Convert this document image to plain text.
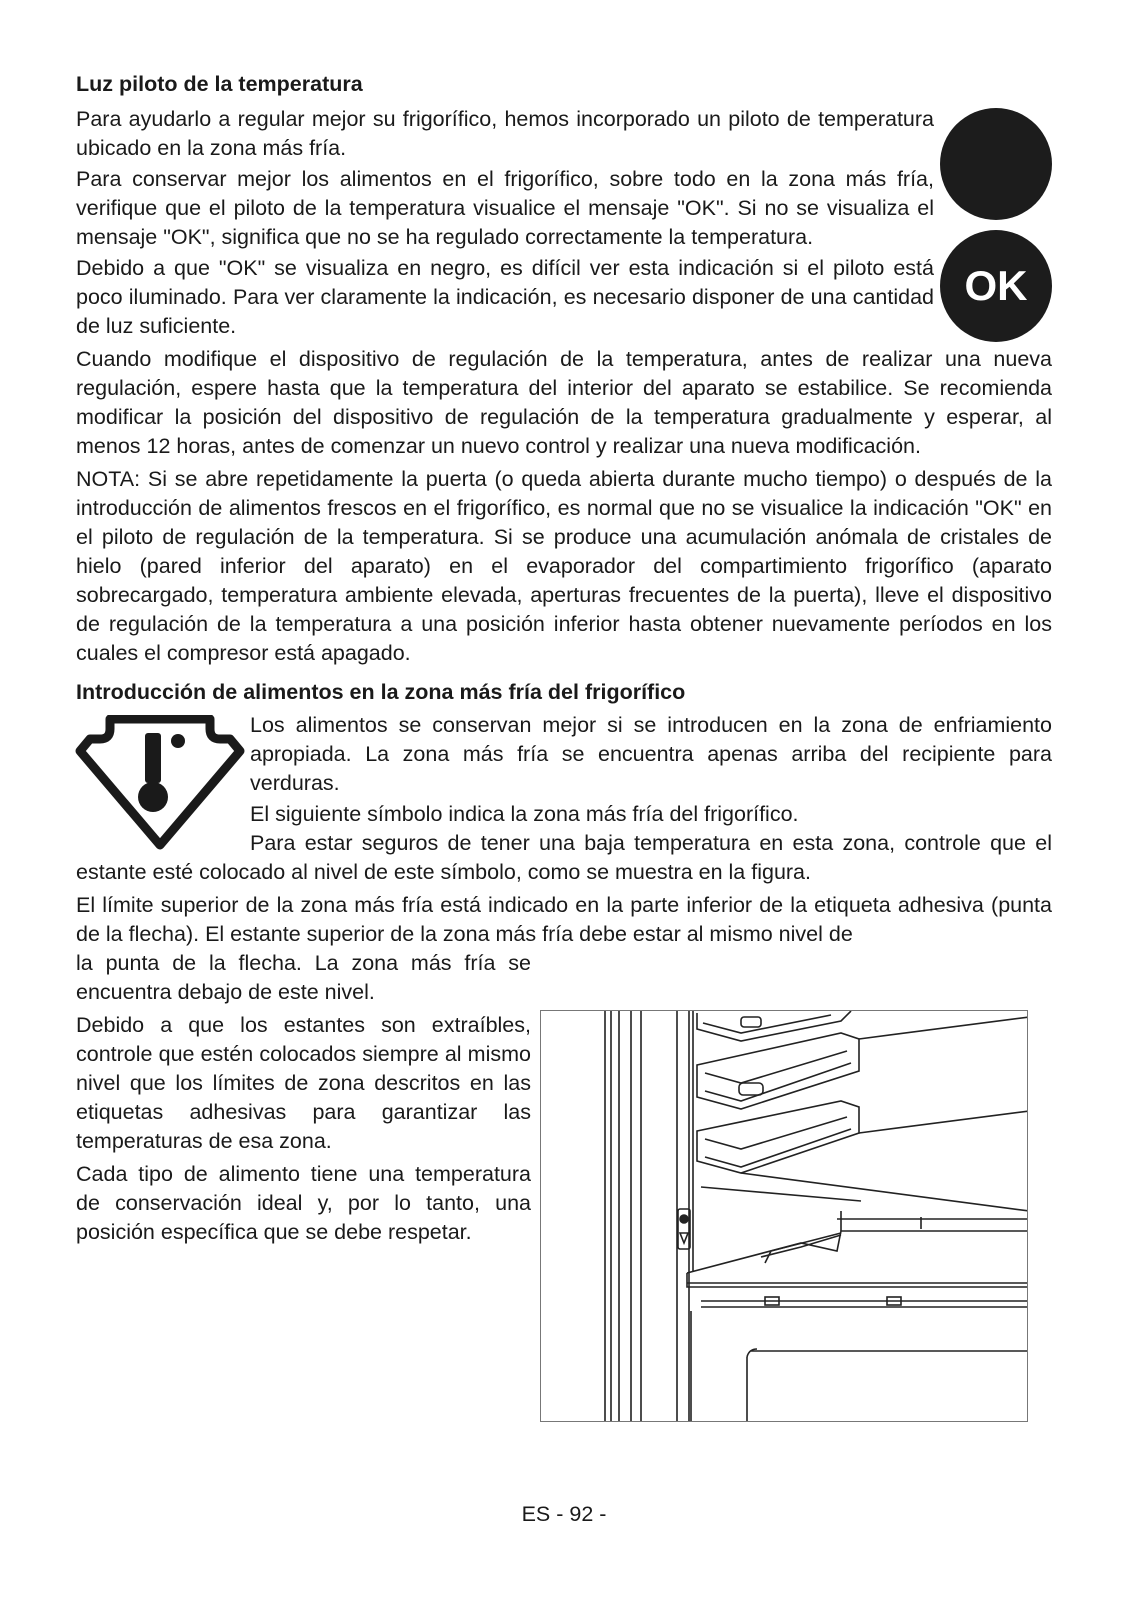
Luz piloto de la temperatura

Para ayudarlo a regular mejor su frigorífico, hemos incorporado un piloto de temperatura ubicado en la zona más fría.

Para conservar mejor los alimentos en el frigorífico, sobre todo en la zona más fría, verifique que el piloto de la temperatura visualice el mensaje "OK". Si no se visualiza el mensaje "OK", significa que no se ha regulado correctamente la temperatura.

Debido a que "OK" se visualiza en negro, es difícil ver esta indicación si el piloto está poco iluminado. Para ver claramente la indicación, es necesario disponer de una cantidad de luz suficiente.

OK

Cuando modifique el dispositivo de regulación de la temperatura, antes de realizar una nueva regulación, espere hasta que la temperatura del interior del aparato se estabilice. Se recomienda modificar la posición del dispositivo de regulación de la temperatura gradualmente y esperar, al menos 12 horas, antes de comenzar un nuevo control y realizar una nueva modificación.

NOTA: Si se abre repetidamente la puerta (o queda abierta durante mucho tiempo) o después de la introducción de alimentos frescos en el frigorífico, es normal que no se visualice la indicación "OK" en el piloto de regulación de la temperatura. Si se produce una acumulación anómala de cristales de hielo (pared inferior del aparato) en el evaporador del compartimiento frigorífico (aparato sobrecargado, temperatura ambiente elevada, aperturas frecuentes de la puerta), lleve el dispositivo de regulación de la temperatura a una posición inferior hasta obtener nuevamente períodos en los cuales el compresor está apagado.

Introducción de alimentos en la zona más fría del frigorífico

Los alimentos se conservan mejor si se introducen en la zona de enfriamiento apropiada. La zona más fría se encuentra apenas arriba del recipiente para verduras.

El siguiente símbolo indica la zona más fría del frigorífico.

Para estar seguros de tener una baja temperatura en esta zona, controle que el estante esté colocado al nivel de este símbolo, como se muestra en la figura.

El límite superior de la zona más fría está indicado en la parte inferior de la etiqueta adhesiva (punta de la flecha). El estante superior de la zona más fría debe estar al mismo nivel de

la punta de la flecha. La zona más fría se encuentra debajo de este nivel.

Debido a que los estantes son extraíbles, controle que estén colocados siempre al mismo nivel que los límites de zona descritos en las etiquetas adhesivas para garantizar las temperaturas de esa zona.

Cada tipo de alimento tiene una temperatura de conservación ideal y, por lo tanto, una posición específica que se debe respetar.

ES - 92 -
